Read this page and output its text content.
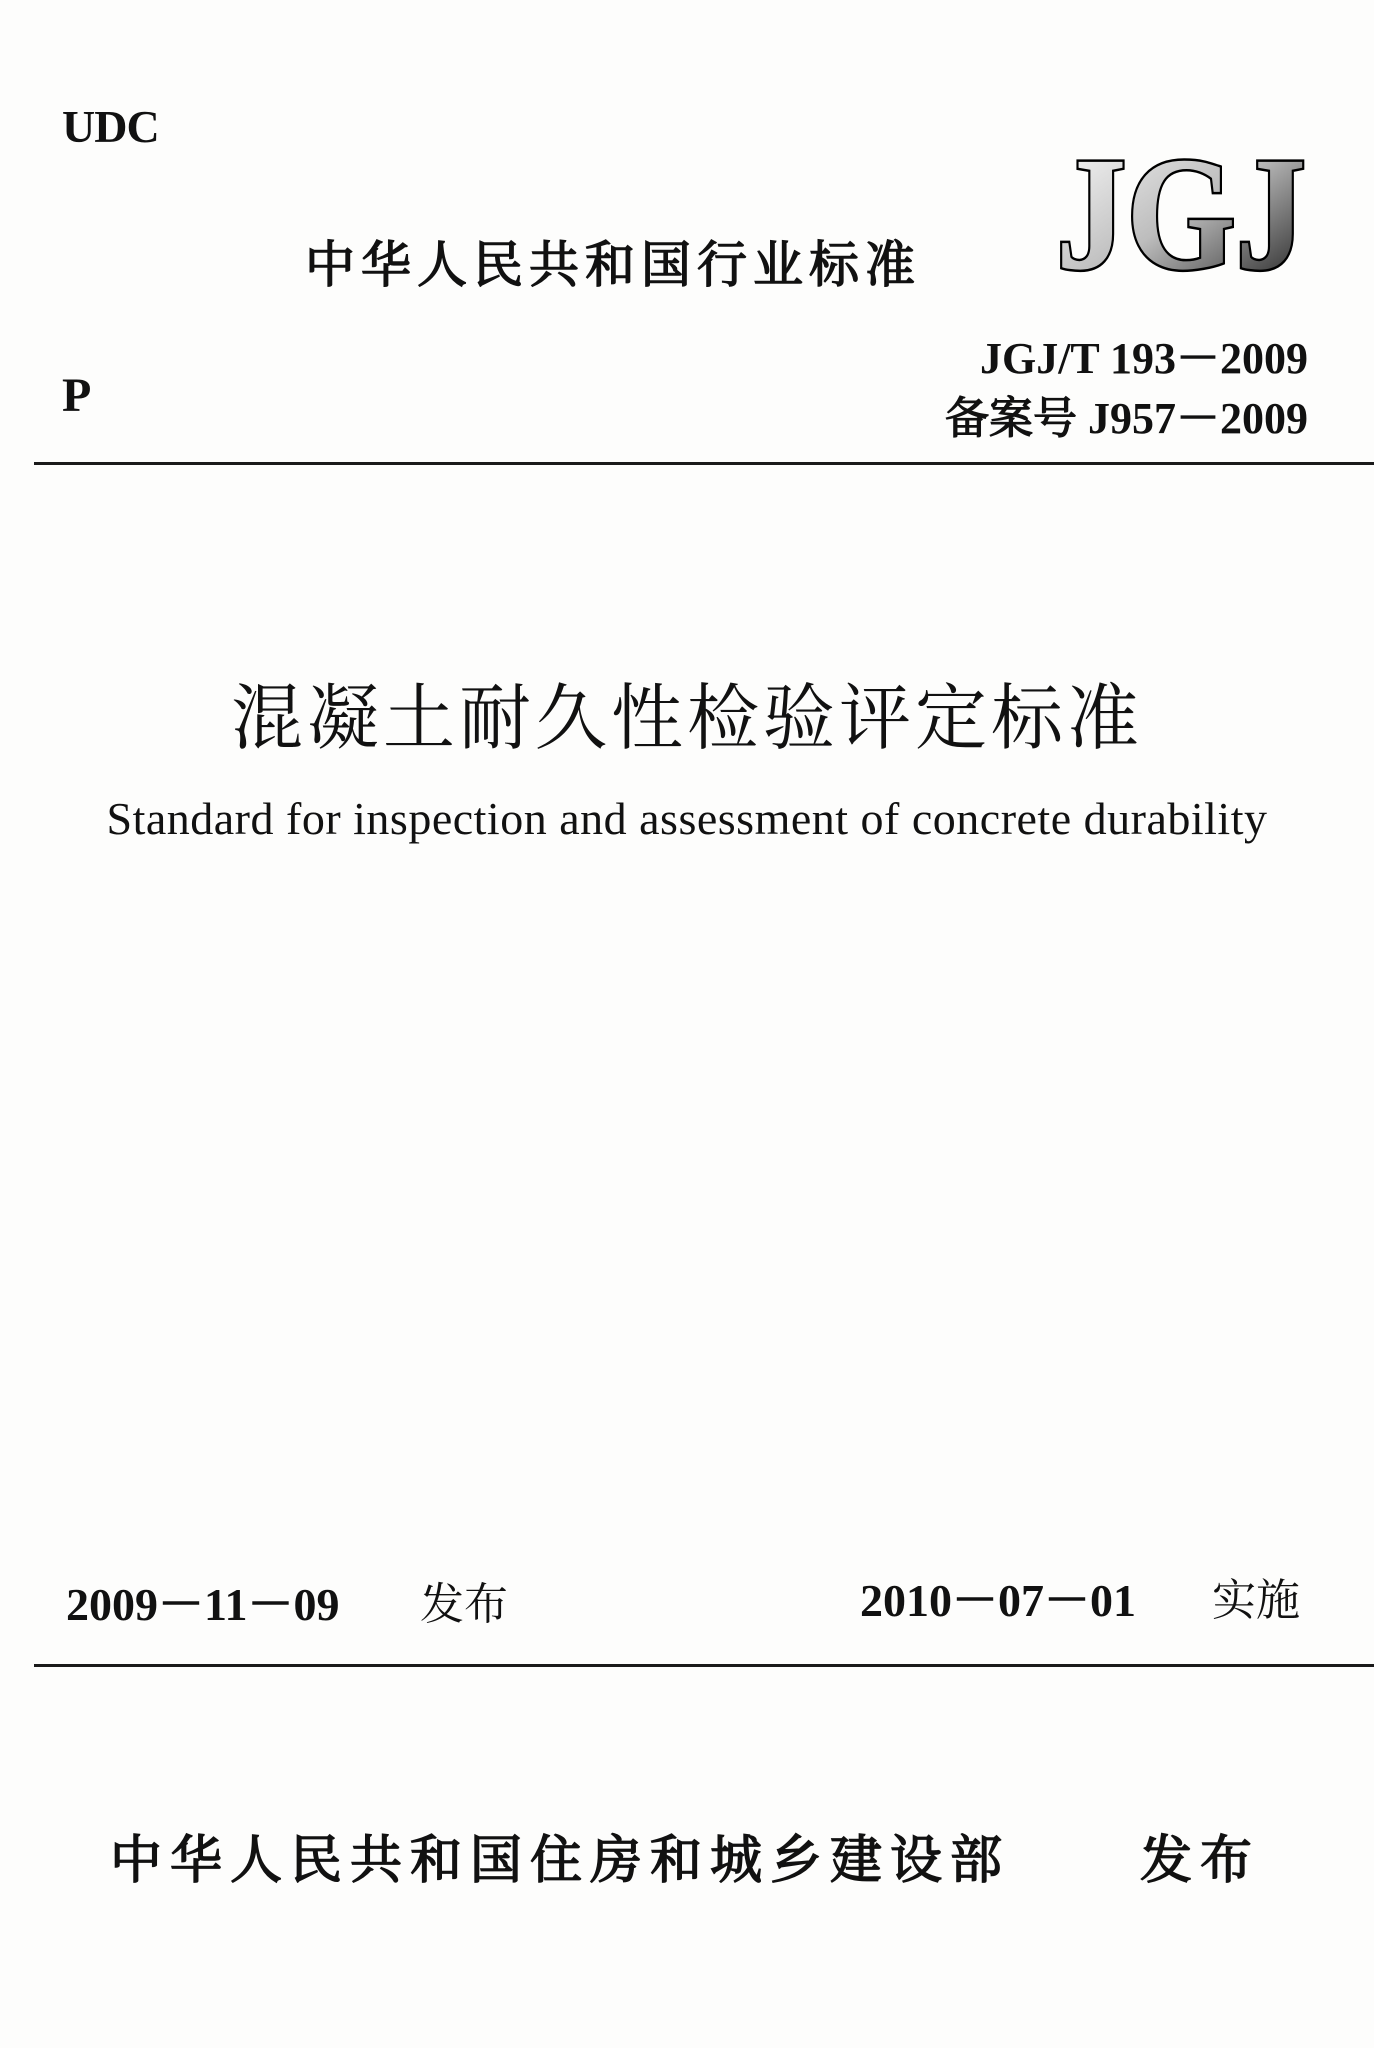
UDC
中华人民共和国行业标准 JGJ
JGJ/T 193－2009
备案号 J957－2009
P
混凝土耐久性检验评定标准
Standard for inspection and assessment of concrete durability
2009－11－09 发布	2010－07－01 实施
中华人民共和国住房和城乡建设部 发布
